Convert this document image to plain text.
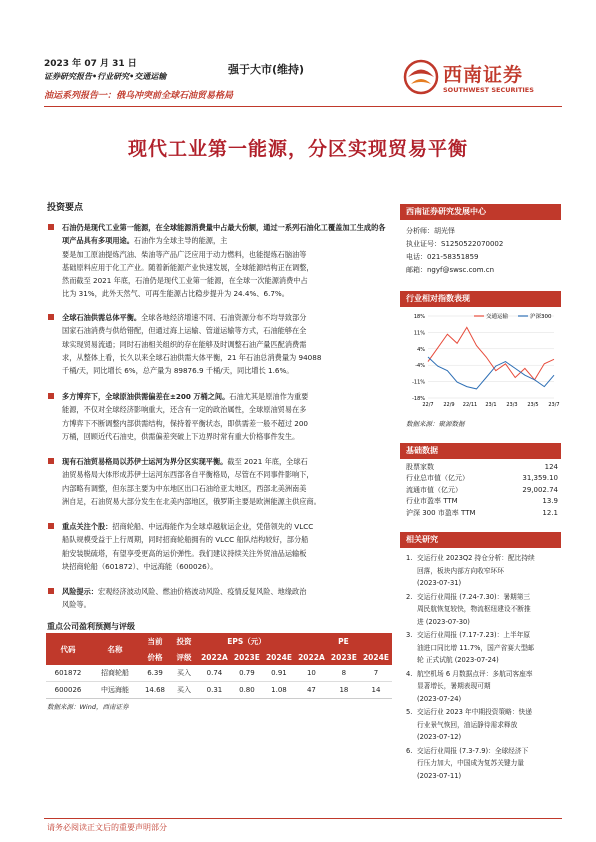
2023 年 07 月 31 日
证券研究报告•行业研究•交通运输
油运系列报告一：俄乌冲突前全球石油贸易格局
强于大市(维持)	西南证券
SOUTHWEST SECURITIES
现代工业第一能源，分区实现贸易平衡
投资要点
石油仍是现代工业第一能源，在全球能源消费量中占最大份额，通过一系列石油化工覆盖加工生成的各项产品具有多项用途。石油作为全球主导的能源，主
要是加工原油提炼汽油、柴油等产品广泛应用于动力燃料，也能提炼石脑油等
基础原料应用于化工产业。随着新能源产业快速发展，全球能源结构正在调整，
然而截至 2021 年底，石油仍是现代工业第一能源，在全球一次能源消费中占
比为 31%，此外天然气、可再生能源占比稳步提升为 24.4%、6.7%。
全球石油供需总体平衡。全球各地经济增速不同、石油资源分布不均导致部分
国家石油消费与供给错配，但通过海上运输、管道运输等方式，石油能够在全
球实现贸易流通；同时石油相关组织的存在能够及时调整石油产量匹配消费需
求，从整体上看，长久以来全球石油供需大体平衡，21 年石油总消费量为 94088
千桶/天，同比增长 6%，总产量为 89876.9 千桶/天，同比增长 1.6%。
多方博弈下，全球原油供需偏差在±200 万桶之间。石油尤其是原油作为重要
能源，不仅对全球经济影响重大，还含有一定的政治属性，全球原油贸易在多
方博弈下不断调整内部供需结构，保持着平衡状态，即供需差一般不超过 200
万桶，回顾近代石油史，供需偏差突破上下边界时常有重大价格事件发生。
现有石油贸易格局以苏伊士运河为界分区实现平衡。截至 2021 年底，全球石
油贸易格局大体形成苏伊士运河东西部各自平衡格局，尽管在不同事件影响下，
内部略有调整，但东部主要为中东地区出口石油给亚太地区，西部北美洲南美
洲自足，石油贸易大部分发生在北美内部地区，俄罗斯主要是欧洲能源主供应商。
重点关注个股：招商轮船、中远海能作为全球卓越航运企业，凭借领先的 VLCC
船队规模受益于上行周期，同时招商轮船拥有的 VLCC 船队结构较好，部分船
舶安装脱硫塔，有望享受更高的运价弹性。我们建议持续关注外贸油品运输板
块招商轮船（601872）、中远海能（600026）。
风险提示：宏观经济波动风险、燃油价格波动风险、疫情反复风险、地缘政治
风险等。
西南证券研究发展中心
分析师：胡光怿
执业证号：S1250522070002
电话：021-58351859
邮箱：ngyf@swsc.com.cn
行业相对指数表现
18%
11%
4%
-4%
-11%
-18%
22/7 22/9 22/11 23/1 23/3 23/5 23/7
交通运输	沪深300
数据来源：聚源数据
基础数据
股票家数	124
行业总市值（亿元）	31,359.10
流通市值（亿元）	29,002.74
行业市盈率 TTM	13.9
沪深 300 市盈率 TTM	12.1
相关研究
1. 交运行业 2023Q2 持仓分析：配比持续
回落，板块内部方向收窄环环
(2023-07-31)
2. 交运行业周报 (7.24-7.30)：暑期第三
周民航恢复较快，物流枢纽建设不断推
进 (2023-07-30)
3. 交运行业周报 (7.17-7.23)：上半年原
油进口同比增 11.7%，国产省赛大型邮
轮 正式试航 (2023-07-24)
4. 航空机场 6 月数据点评：多航司客座率
显著增长，暑期表现可期
(2023-07-24)
5. 交运行业 2023 年中期投资策略：快递
行业景气恢回，油运静待需求释放
(2023-07-12)
6. 交运行业周报 (7.3-7.9)：全球经济下
行压力加大，中国成为复苏关键力量
(2023-07-11)
重点公司盈利预测与评级
代码	名称	当前	投资	EPS（元）			PE		
		价格	评级	2022A	2023E	2024E	2022A	2023E	2024E
601872	招商轮船	6.39	买入	0.74	0.79	0.91	10	8	7
600026	中远海能	14.68	买入	0.31	0.80	1.08	47	18	14
数据来源：Wind，西南证券
请务必阅读正文后的重要声明部分
